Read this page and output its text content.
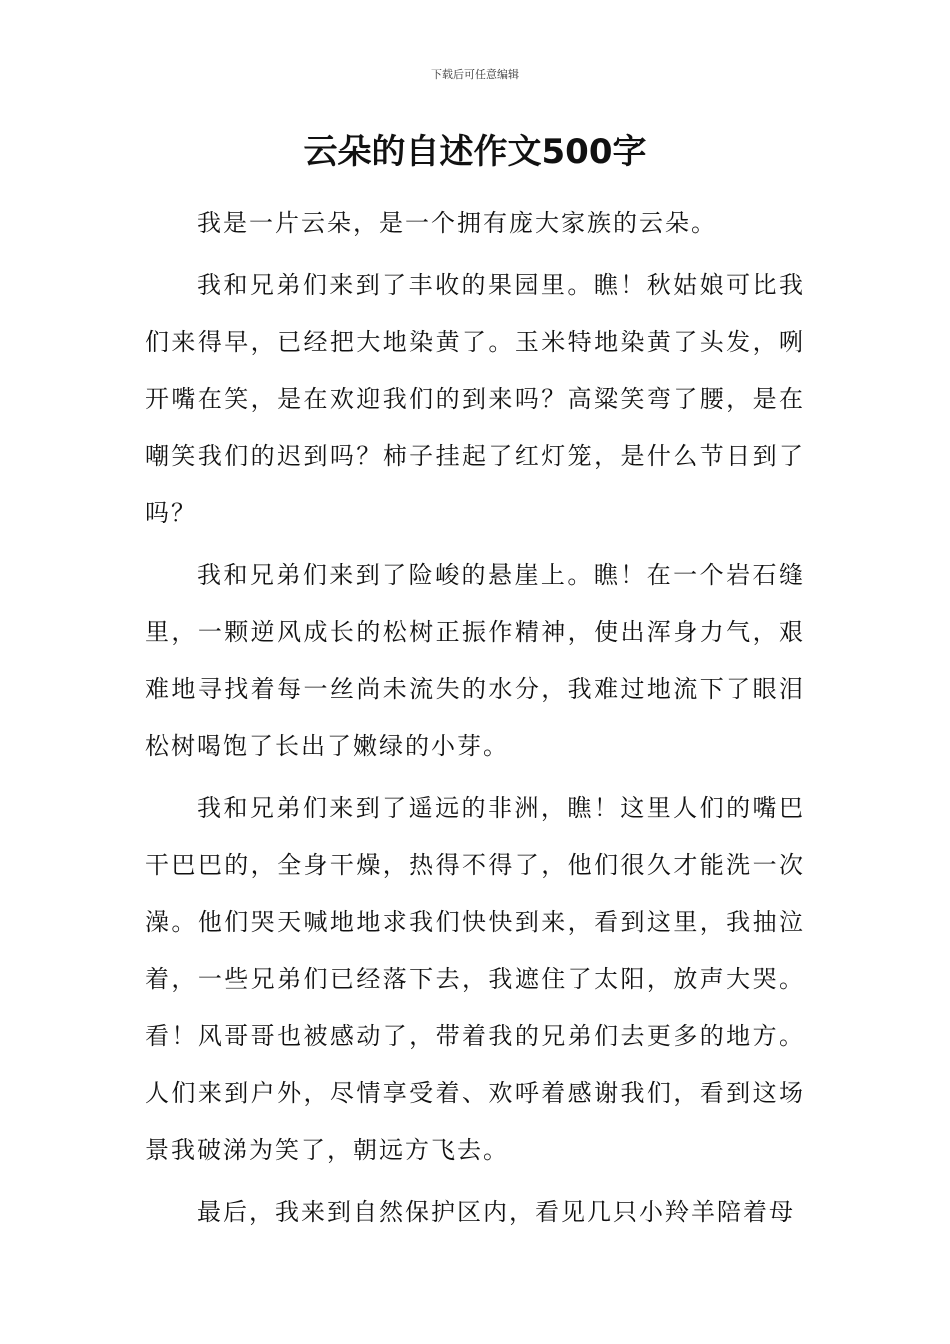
下载后可任意编辑
云朵的自述作文500字

我是一片云朵，是一个拥有庞大家族的云朵。

我和兄弟们来到了丰收的果园里。瞧！秋姑娘可比我们来得早，已经把大地染黄了。玉米特地染黄了头发，咧开嘴在笑，是在欢迎我们的到来吗？高粱笑弯了腰，是在嘲笑我们的迟到吗？柿子挂起了红灯笼，是什么节日到了吗？

我和兄弟们来到了险峻的悬崖上。瞧！在一个岩石缝里，一颗逆风成长的松树正振作精神，使出浑身力气，艰难地寻找着每一丝尚未流失的水分，我难过地流下了眼泪松树喝饱了长出了嫩绿的小芽。

我和兄弟们来到了遥远的非洲，瞧！这里人们的嘴巴干巴巴的，全身干燥，热得不得了，他们很久才能洗一次澡。他们哭天喊地地求我们快快到来，看到这里，我抽泣着，一些兄弟们已经落下去，我遮住了太阳，放声大哭。看！风哥哥也被感动了，带着我的兄弟们去更多的地方。人们来到户外，尽情享受着、欢呼着感谢我们，看到这场景我破涕为笑了，朝远方飞去。

最后，我来到自然保护区内，看见几只小羚羊陪着母
